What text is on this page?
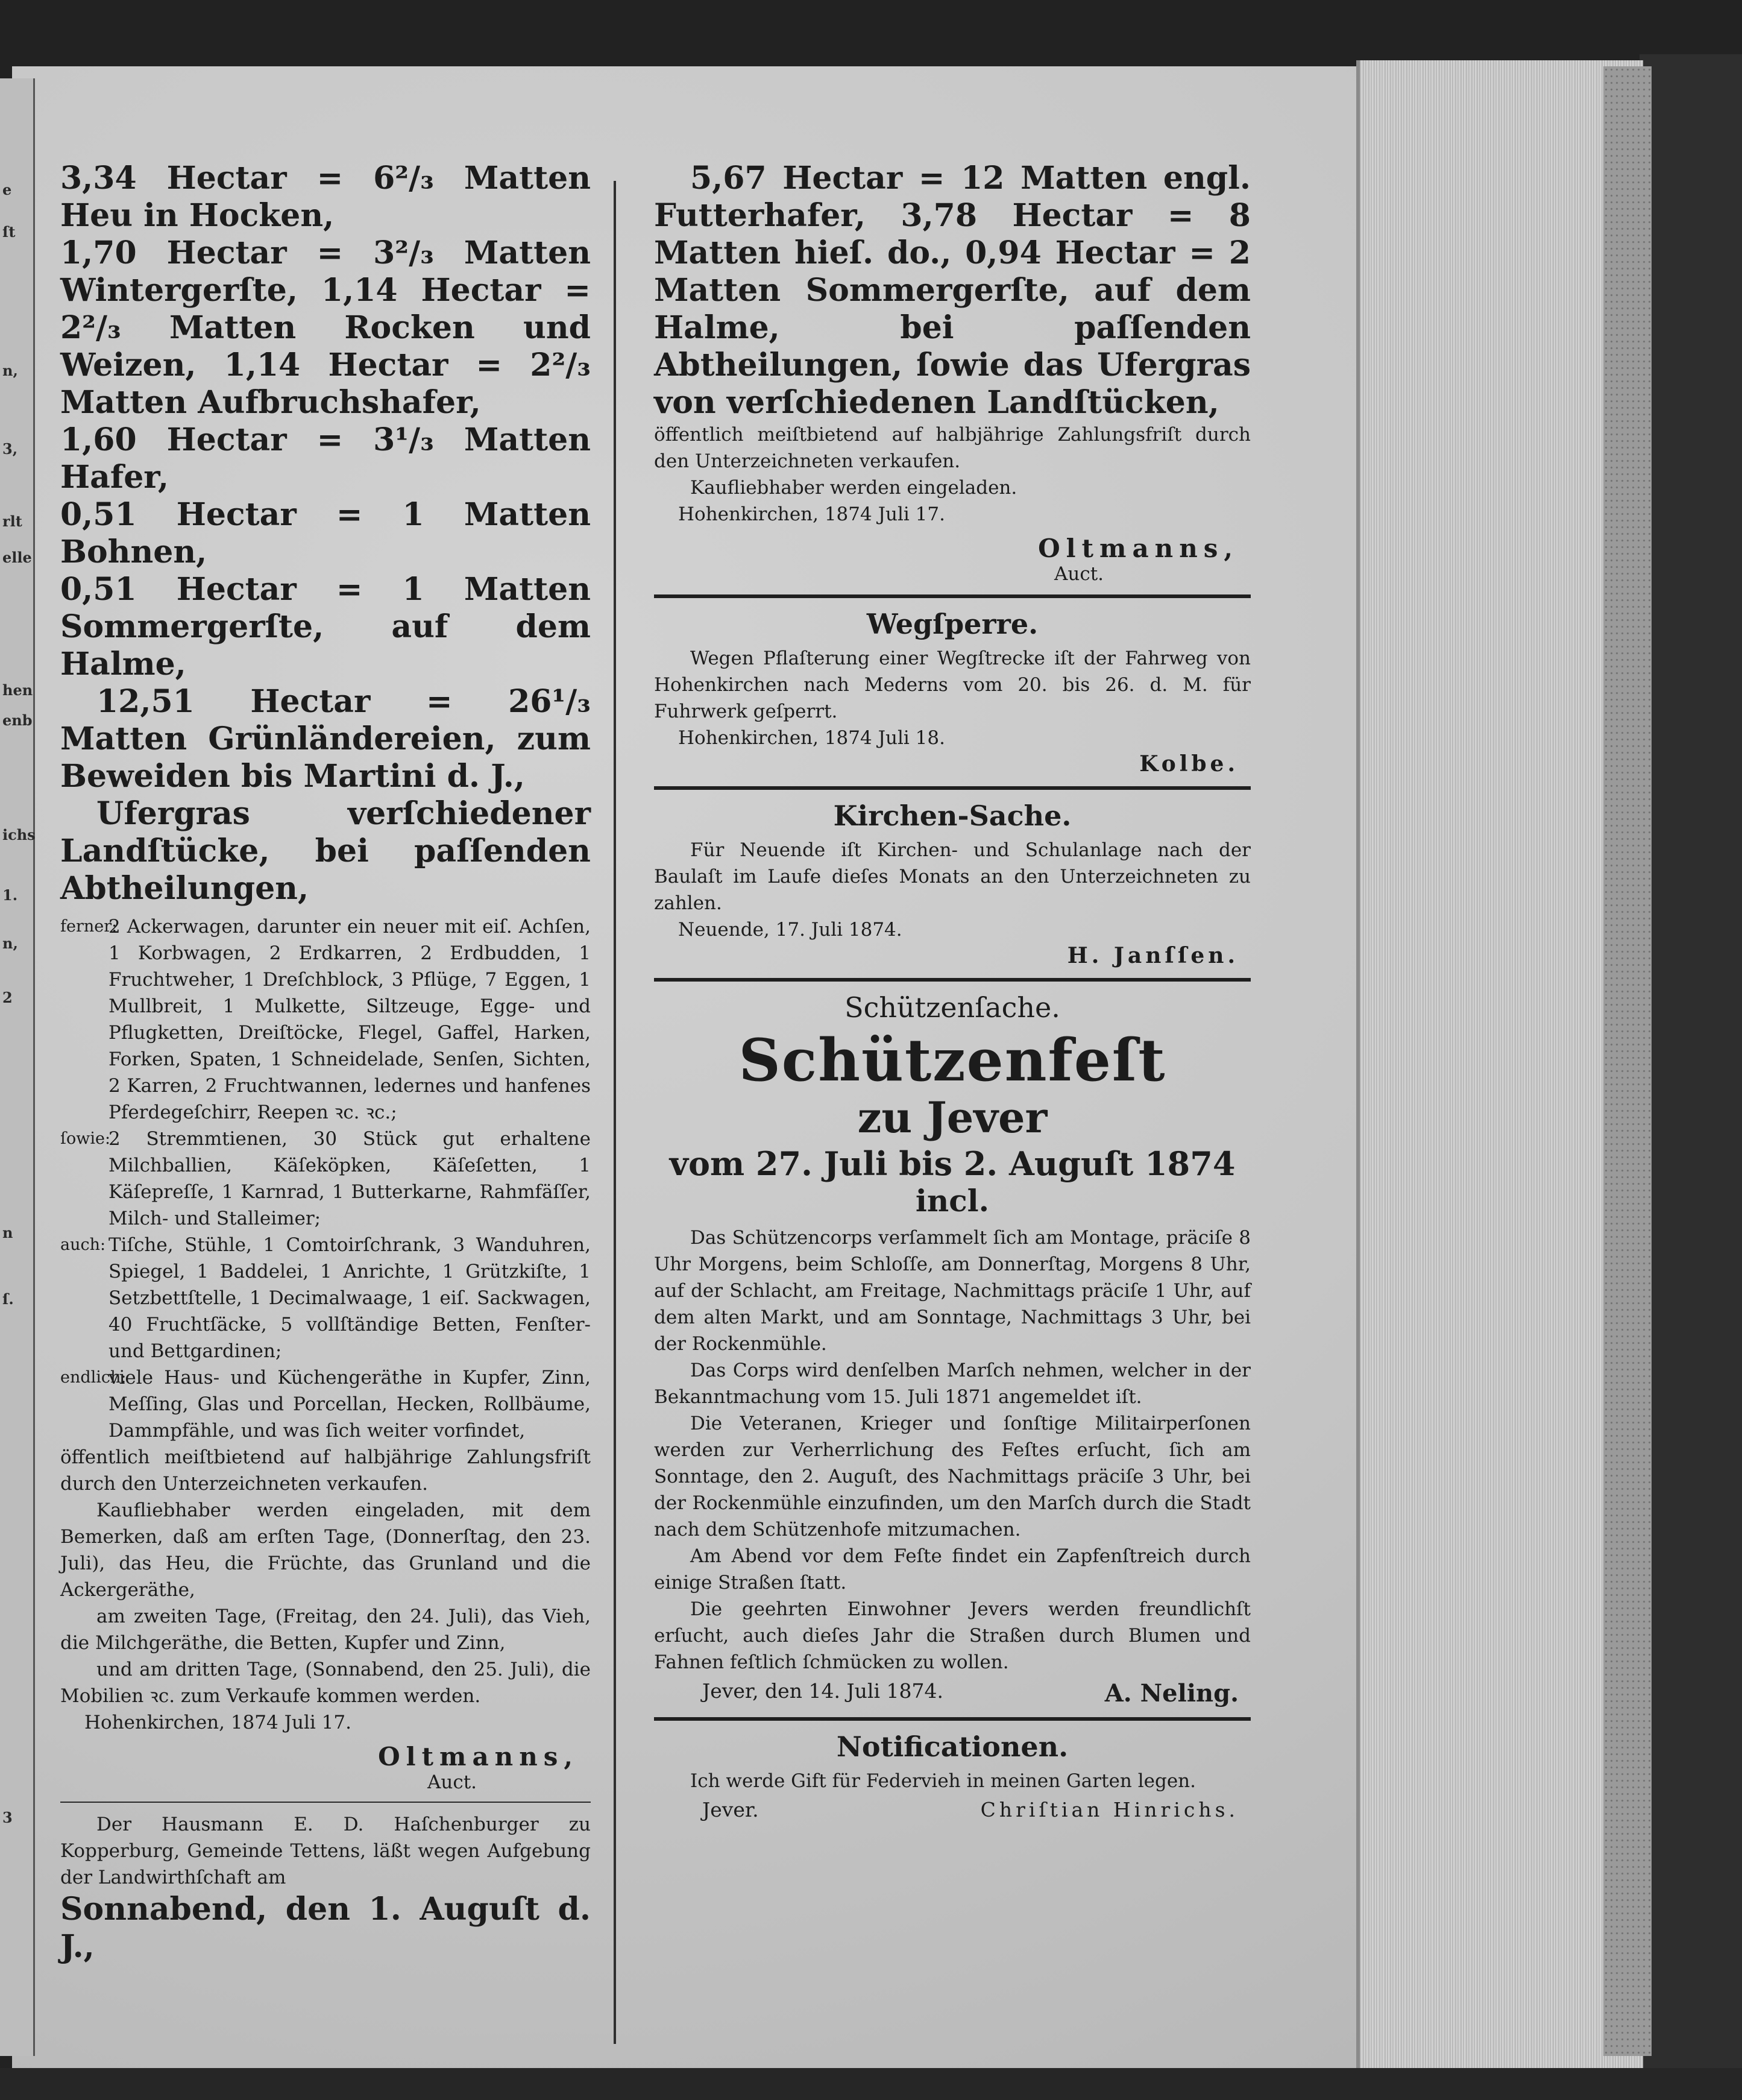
e
ſt
n,
3,
rlt
elle
hen
enb
ichs
1.
n,
2
n
ſ.
3

3,34 Hectar = 6²/₃ Matten Heu in Hocken,

1,70 Hectar = 3²/₃ Matten Wintergerſte, 1,14 Hectar = 2²/₃ Matten Rocken und Weizen, 1,14 Hectar = 2²/₃ Matten Aufbruchshafer,

1,60 Hectar = 3¹/₃ Matten Hafer,

0,51 Hectar = 1 Matten Bohnen,

0,51 Hectar = 1 Matten Sommergerſte, auf dem Halme,

12,51 Hectar = 26¹/₃ Matten Grünländereien, zum Beweiden bis Martini d. J.,

Ufergras verſchiedener Landſtücke, bei paſſenden Abtheilungen,

ferner:
2 Ackerwagen, darunter ein neuer mit eiſ. Achſen, 1 Korbwagen, 2 Erdkarren, 2 Erdbudden, 1 Fruchtweher, 1 Dreſchblock, 3 Pflüge, 7 Eggen, 1 Mullbreit, 1 Mulkette, Siltzeuge, Egge- und Pflugketten, Dreiſtöcke, Flegel, Gaffel, Harken, Forken, Spaten, 1 Schneidelade, Senſen, Sichten, 2 Karren, 2 Fruchtwannen, ledernes und hanfenes Pferdegeſchirr, Reepen ꝛc. ꝛc.;
ſowie:
2 Stremmtienen, 30 Stück gut erhaltene Milchballien, Käſeköpken, Käſeſetten, 1 Käſepreſſe, 1 Karnrad, 1 Butterkarne, Rahmfäſſer, Milch- und Stalleimer;
auch: Tiſche, Stühle, 1 Comtoirſchrank, 3 Wanduhren, Spiegel, 1 Baddelei, 1 Anrichte, 1 Grützkiſte, 1 Setzbettſtelle, 1 Decimalwaage, 1 eiſ. Sackwagen, 40 Fruchtſäcke, 5 vollſtändige Betten, Fenſter- und Bettgardinen;
endlich:
viele Haus- und Küchengeräthe in Kupfer, Zinn, Meſſing, Glas und Porcellan, Hecken, Rollbäume, Dammpfähle, und was ſich weiter vorfindet,

öffentlich meiſtbietend auf halbjährige Zahlungsfriſt durch den Unterzeichneten verkaufen.

Kaufliebhaber werden eingeladen, mit dem Bemerken, daß am erſten Tage, (Donnerſtag, den 23. Juli), das Heu, die Früchte, das Grunland und die Ackergeräthe,

am zweiten Tage, (Freitag, den 24. Juli), das Vieh, die Milchgeräthe, die Betten, Kupfer und Zinn,

und am dritten Tage, (Sonnabend, den 25. Juli), die Mobilien ꝛc. zum Verkaufe kommen werden.

Hohenkirchen, 1874 Juli 17.

Oltmanns,
Auct.

Der Hausmann E. D. Haſchenburger zu Kopperburg, Gemeinde Tettens, läßt wegen Aufgebung der Landwirthſchaft am

Sonnabend, den 1. Auguſt d. J.,

5,67 Hectar = 12 Matten engl. Futterhafer, 3,78 Hectar = 8 Matten hieſ. do., 0,94 Hectar = 2 Matten Sommergerſte, auf dem Halme, bei paſſenden Abtheilungen, ſowie das Ufergras von verſchiedenen Landſtücken,

öffentlich meiſtbietend auf halbjährige Zahlungsfriſt durch den Unterzeichneten verkaufen.

Kaufliebhaber werden eingeladen.

Hohenkirchen, 1874 Juli 17.

Oltmanns,
Auct.
Wegſperre.

Wegen Pflaſterung einer Wegſtrecke iſt der Fahrweg von Hohenkirchen nach Mederns vom 20. bis 26. d. M. für Fuhrwerk geſperrt.

Hohenkirchen, 1874 Juli 18.

Kolbe.
Kirchen-Sache.

Für Neuende iſt Kirchen- und Schulanlage nach der Baulaſt im Laufe dieſes Monats an den Unterzeichneten zu zahlen.

Neuende, 17. Juli 1874.

H. Janſſen.
Schützenſache.
Schützenfeſt
zu Jever
vom 27. Juli bis 2. Auguſt 1874
incl.

Das Schützencorps verſammelt ſich am Montage, präciſe 8 Uhr Morgens, beim Schloſſe, am Donnerſtag, Morgens 8 Uhr, auf der Schlacht, am Freitage, Nachmittags präciſe 1 Uhr, auf dem alten Markt, und am Sonntage, Nachmittags 3 Uhr, bei der Rockenmühle.

Das Corps wird denſelben Marſch nehmen, welcher in der Bekanntmachung vom 15. Juli 1871 angemeldet iſt.

Die Veteranen, Krieger und ſonſtige Militairperſonen werden zur Verherrlichung des Feſtes erſucht, ſich am Sonntage, den 2. Auguſt, des Nachmittags präciſe 3 Uhr, bei der Rockenmühle einzufinden, um den Marſch durch die Stadt nach dem Schützenhofe mitzumachen.

Am Abend vor dem Feſte findet ein Zapfenſtreich durch einige Straßen ſtatt.

Die geehrten Einwohner Jevers werden freundlichſt erſucht, auch dieſes Jahr die Straßen durch Blumen und Fahnen feſtlich ſchmücken zu wollen.

Jever, den 14. Juli 1874.	A. Neling.
Notificationen.

Ich werde Gift für Federvieh in meinen Garten legen.

Jever.	Chriſtian Hinrichs.
